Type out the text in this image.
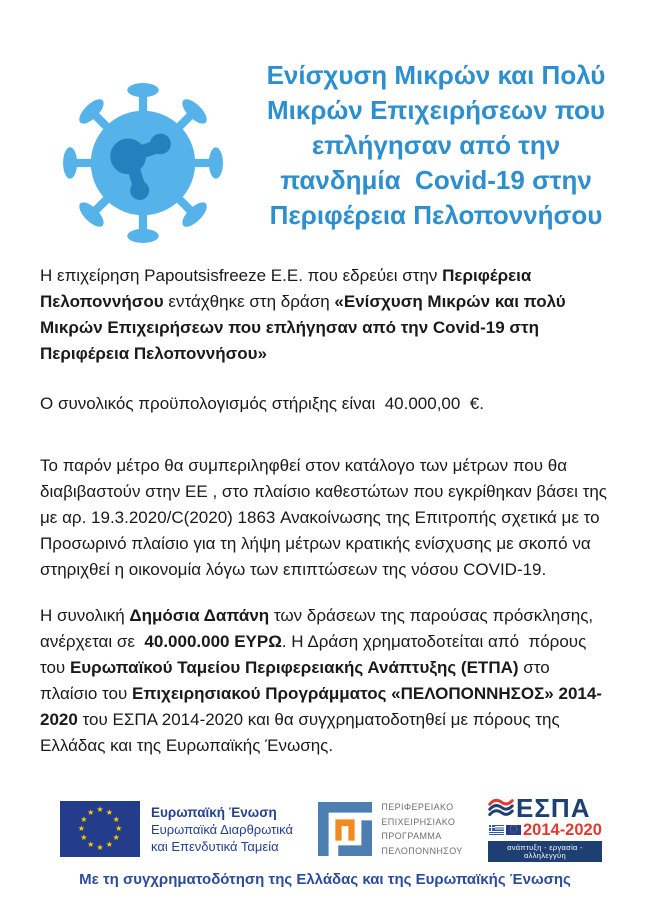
Ενίσχυση Μικρών και Πολύ
Μικρών Επιχειρήσεων που
επλήγησαν από την
πανδημία  Covid-19 στην
Περιφέρεια Πελοποννήσου

Η επιχείρηση Papoutsisfreeze Ε.Ε. που εδρεύει στην Περιφέρεια Πελοποννήσου εντάχθηκε στη δράση «Ενίσχυση Μικρών και πολύ Μικρών Επιχειρήσεων που επλήγησαν από την Covid-19 στη Περιφέρεια Πελοποννήσου»

Ο συνολικός προϋπολογισμός στήριξης είναι  40.000,00  €.

Το παρόν μέτρο θα συμπεριληφθεί στον κατάλογο των μέτρων που θα διαβιβαστούν στην ΕΕ , στο πλαίσιο καθεστώτων που εγκρίθηκαν βάσει της με αρ. 19.3.2020/C(2020) 1863 Ανακοίνωσης της Επιτροπής σχετικά με το Προσωρινό πλαίσιο για τη λήψη μέτρων κρατικής ενίσχυσης με σκοπό να στηριχθεί η οικονομία λόγω των επιπτώσεων της νόσου COVID-19.

Η συνολική Δημόσια Δαπάνη των δράσεων της παρούσας πρόσκλησης, ανέρχεται σε  40.000.000 ΕΥΡΩ. Η Δράση χρηματοδοτείται από  πόρους του Ευρωπαϊκού Ταμείου Περιφερειακής Ανάπτυξης (ΕΤΠΑ) στο πλαίσιο του Επιχειρησιακού Προγράμματος «ΠΕΛΟΠΟΝΝΗΣΟΣ» 2014-2020 του ΕΣΠΑ 2014-2020 και θα συγχρηματοδοτηθεί με πόρους της Ελλάδας και της Ευρωπαϊκής Ένωσης.

★ ★
★
★
★
★
★
★
★
★
★
★	Ευρωπαϊκή Ένωση
Ευρωπαϊκά Διαρθρωτικά
και Επενδυτικά Ταμεία
ΠΕΡΙΦΕΡΕΙΑΚΟ
ΕΠΙΧΕΙΡΗΣΙΑΚΟ
ΠΡΟΓΡΑΜΜΑ
ΠΕΛΟΠΟΝΝΗΣΟΥ
ΕΣΠΑ
★ ★
★
★
★
★
★
★
★
★
★
★ 2014-2020
ανάπτυξη - εργασία - αλληλεγγύη
Με τη συγχρηματοδότηση της Ελλάδας και της Ευρωπαϊκής Ένωσης
